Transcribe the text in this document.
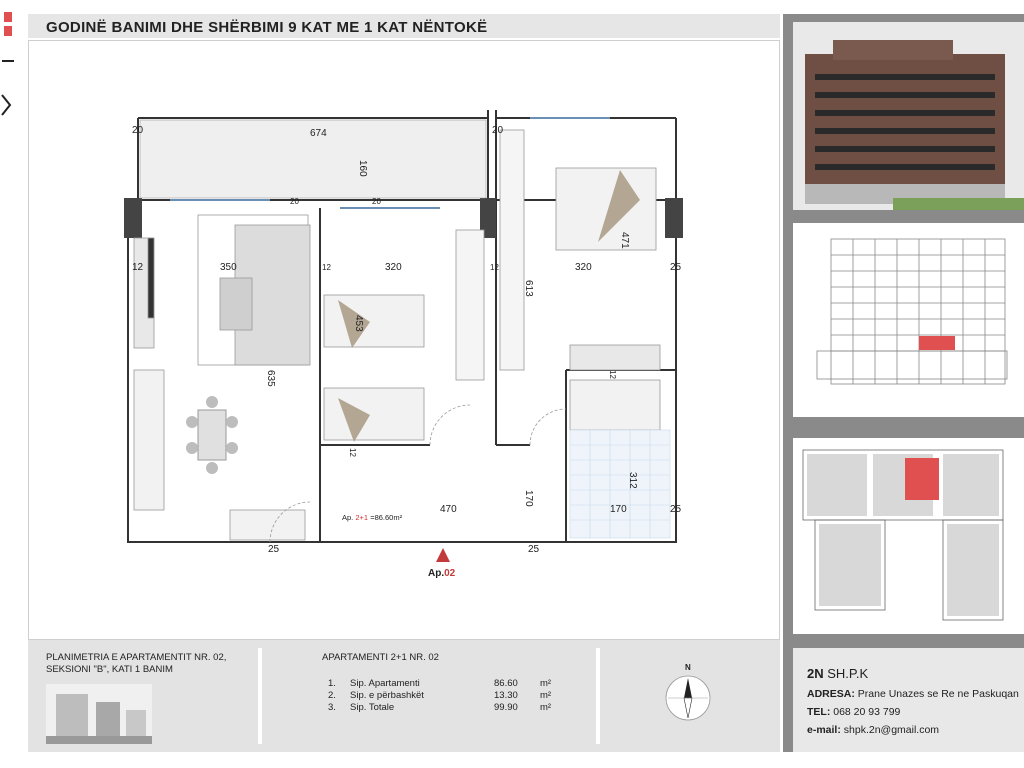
GODINË BANIMI DHE SHËRBIMI 9 KAT ME 1 KAT NËNTOKË
20	674
160
20
20	20
12	350	12	320	12	320	25
635
613
453
471
12
12
312
170
470	170	25
25	25
Ap. 2+1 =86.60m²
Ap.02
2N SH.P.K
ADRESA: Prane Unazes se Re ne Paskuqan
TEL: 068 20 93 799
e-mail: shpk.2n@gmail.com
PLANIMETRIA E APARTAMENTIT NR. 02,
SEKSIONI "B", KATI 1 BANIM
APARTAMENTI 2+1 NR. 02
1. Sip. Apartamenti	86.60 m²
2. Sip. e përbashkët	13.30 m²
3. Sip. Totale	99.90 m²
N
